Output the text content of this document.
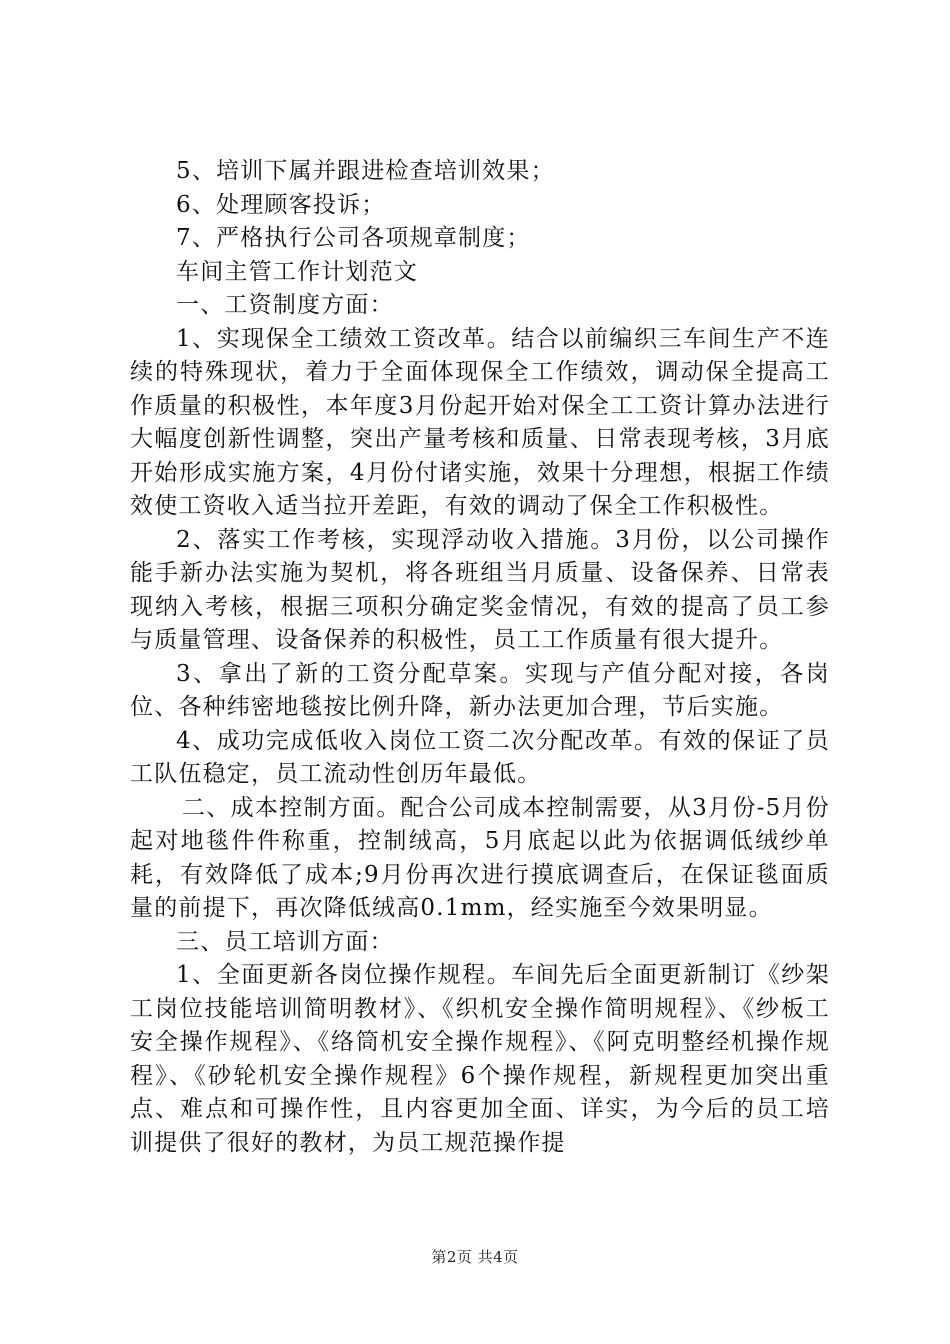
5、培训下属并跟进检查培训效果；

6、处理顾客投诉；

7、严格执行公司各项规章制度；

车间主管工作计划范文

一、工资制度方面：

1、实现保全工绩效工资改革。结合以前编织三车间生产不连续的特殊现状，着力于全面体现保全工作绩效，调动保全提高工作质量的积极性，本年度3月份起开始对保全工工资计算办法进行大幅度创新性调整，突出产量考核和质量、日常表现考核，3月底开始形成实施方案，4月份付诸实施，效果十分理想，根据工作绩效使工资收入适当拉开差距，有效的调动了保全工作积极性。

2、落实工作考核，实现浮动收入措施。3月份，以公司操作能手新办法实施为契机，将各班组当月质量、设备保养、日常表现纳入考核，根据三项积分确定奖金情况，有效的提高了员工参与质量管理、设备保养的积极性，员工工作质量有很大提升。

3、拿出了新的工资分配草案。实现与产值分配对接，各岗位、各种纬密地毯按比例升降，新办法更加合理，节后实施。

4、成功完成低收入岗位工资二次分配改革。有效的保证了员工队伍稳定，员工流动性创历年最低。

二、成本控制方面。配合公司成本控制需要，从3月份-5月份起对地毯件件称重，控制绒高，5月底起以此为依据调低绒纱单耗，有效降低了成本;9月份再次进行摸底调查后，在保证毯面质量的前提下，再次降低绒高0.1mm，经实施至今效果明显。

三、员工培训方面：

1、全面更新各岗位操作规程。车间先后全面更新制订《纱架工岗位技能培训简明教材》、《织机安全操作简明规程》、《纱板工安全操作规程》、《络筒机安全操作规程》、《阿克明整经机操作规程》、《砂轮机安全操作规程》6个操作规程，新规程更加突出重点、难点和可操作性，且内容更加全面、详实，为今后的员工培训提供了很好的教材，为员工规范操作提

第2页 共4页
